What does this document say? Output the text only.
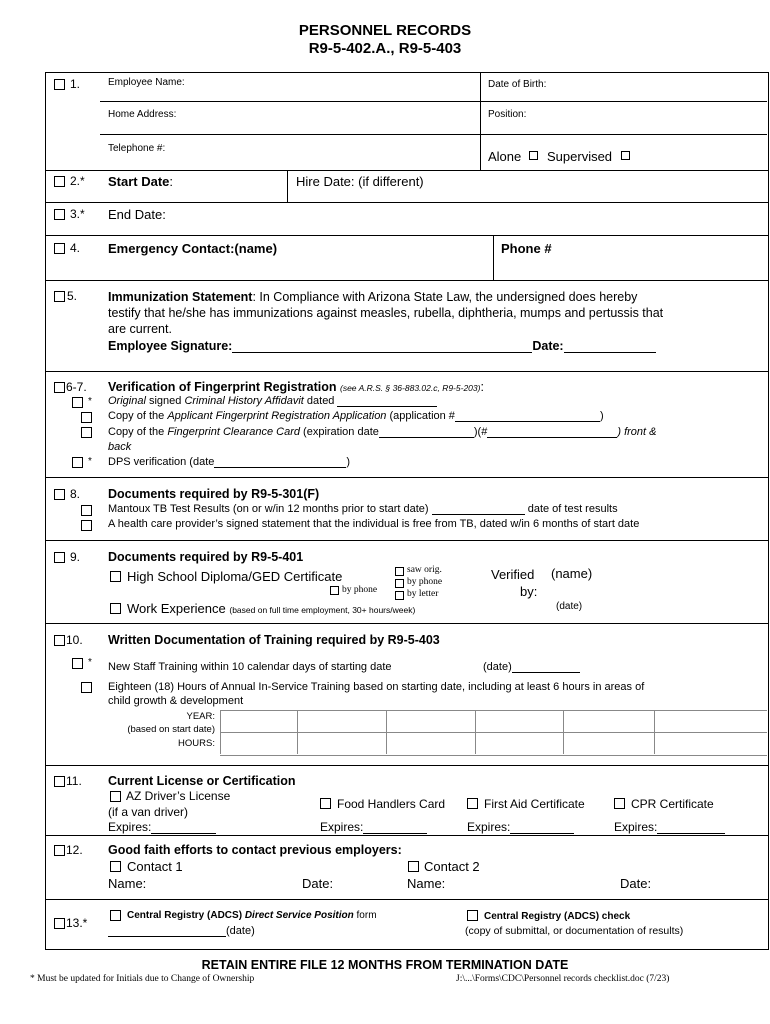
PERSONNEL RECORDS
R9-5-402.A., R9-5-403
1.	Employee Name:	Date of Birth:
Home Address:	Position:
Telephone #:
Alone Supervised
2.* Start Date:	Hire Date: (if different)
3.* End Date:
4. Emergency Contact:(name)	Phone #
5. Immunization Statement: In Compliance with Arizona State Law, the undersigned does hereby
testify that he/she has immunizations against measles, rubella, diphtheria, mumps and pertussis that
are current.
Employee Signature:	Date:
6-7. Verification of Fingerprint Registration (see A.R.S. § 36-883.02.c, R9-5-203):
* Original signed Criminal History Affidavit dated
Copy of the Applicant Fingerprint Registration Application (application #	)
Copy of the Fingerprint Clearance Card (expiration date	)(#	) front &
back
* DPS verification (date	)
8. Documents required by R9-5-301(F)
Mantoux TB Test Results (on or w/in 12 months prior to start date)	date of test results
A health care provider’s signed statement that the individual is free from TB, dated w/in 6 months of start date
9. Documents required by R9-5-401
High School Diploma/GED Certificate	saw orig.
by phone
by phone	by letter
Verified (name)
by:
(date)
Work Experience (based on full time employment, 30+ hours/week)
10. Written Documentation of Training required by R9-5-403
* New Staff Training within 10 calendar days of starting date	(date)
Eighteen (18) Hours of Annual In-Service Training based on starting date, including at least 6 hours in areas of
child growth & development
YEAR:
(based on start date)
HOURS:
11. Current License or Certification
AZ Driver’s License
(if a van driver)
Expires:
Food Handlers Card
Expires:
First Aid Certificate
Expires:
CPR Certificate
Expires:
12. Good faith efforts to contact previous employers:
Contact 1
Name:	Date:
Contact 2
Name:	Date:
13.*
Central Registry (ADCS) Direct Service Position form
(date)
Central Registry (ADCS) check
(copy of submittal, or documentation of results)
RETAIN ENTIRE FILE 12 MONTHS FROM TERMINATION DATE
* Must be updated for Initials due to Change of Ownership	J:\...\Forms\CDC\Personnel records checklist.doc (7/23)
